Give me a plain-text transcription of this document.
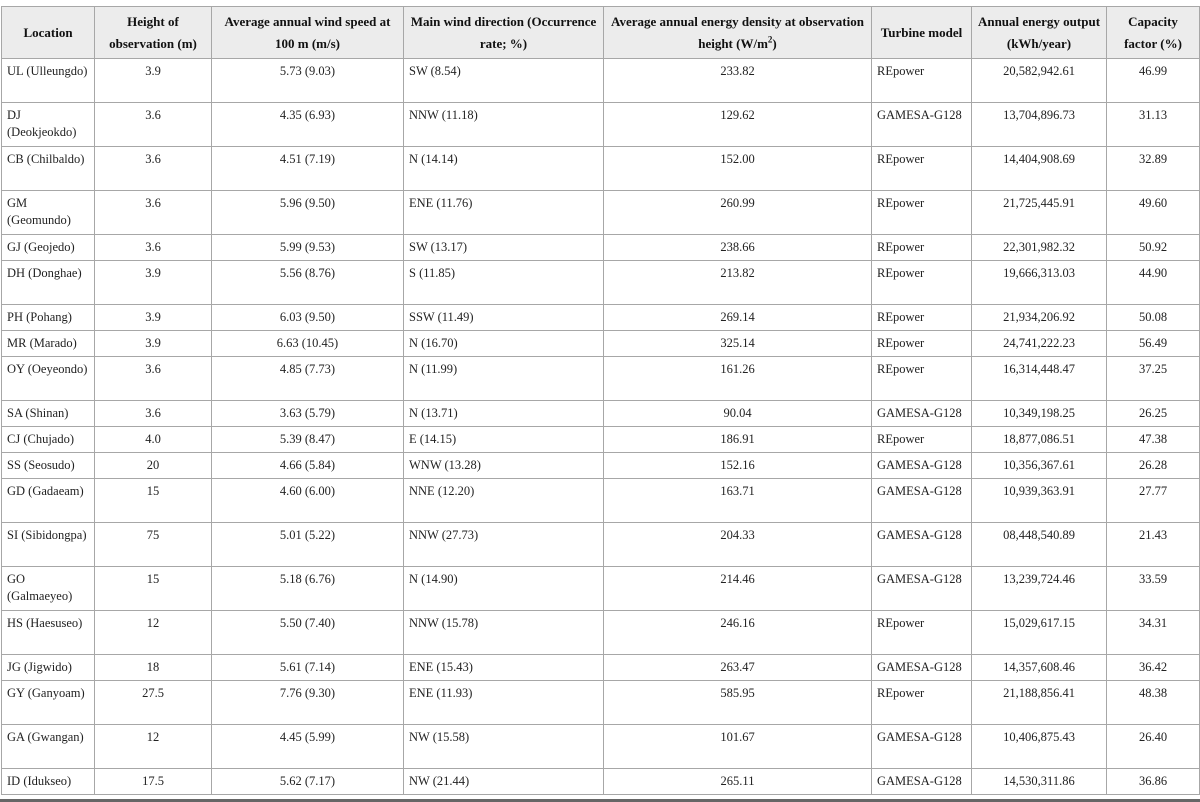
Location	Height of observation (m)	Average annual wind speed at 100 m (m/s)	Main wind direction (Occurrence rate; %)	Average annual energy density at observation height $(W/m^2)$	Turbine model	Annual energy output (kWh/year)	Capacity factor (%)
UL (Ulleungdo)	3.9	5.73 (9.03)	SW (8.54)	233.82	REpower	20,582,942.61	46.99
DJ (Deokjeokdo)	3.6	4.35 (6.93)	NNW (11.18)	129.62	GAMESA-G128	13,704,896.73	31.13
CB (Chilbaldo)	3.6	4.51 (7.19)	N (14.14)	152.00	REpower	14,404,908.69	32.89
GM (Geomundo)	3.6	5.96 (9.50)	ENE (11.76)	260.99	REpower	21,725,445.91	49.60
GJ (Geojedo)	3.6	5.99 (9.53)	SW (13.17)	238.66	REpower	22,301,982.32	50.92
DH (Donghae)	3.9	5.56 (8.76)	S (11.85)	213.82	REpower	19,666,313.03	44.90
PH (Pohang)	3.9	6.03 (9.50)	SSW (11.49)	269.14	REpower	21,934,206.92	50.08
MR (Marado)	3.9	6.63 (10.45)	N (16.70)	325.14	REpower	24,741,222.23	56.49
OY (Oeyeondo)	3.6	4.85 (7.73)	N (11.99)	161.26	REpower	16,314,448.47	37.25
SA (Shinan)	3.6	3.63 (5.79)	N (13.71)	90.04	GAMESA-G128	10,349,198.25	26.25
CJ (Chujado)	4.0	5.39 (8.47)	E (14.15)	186.91	REpower	18,877,086.51	47.38
SS (Seosudo)	20	4.66 (5.84)	WNW (13.28)	152.16	GAMESA-G128	10,356,367.61	26.28
GD (Gadaeam)	15	4.60 (6.00)	NNE (12.20)	163.71	GAMESA-G128	10,939,363.91	27.77
SI (Sibidongpa)	75	5.01 (5.22)	NNW (27.73)	204.33	GAMESA-G128	08,448,540.89	21.43
GO (Galmaeyeo)	15	5.18 (6.76)	N (14.90)	214.46	GAMESA-G128	13,239,724.46	33.59
HS (Haesuseo)	12	5.50 (7.40)	NNW (15.78)	246.16	REpower	15,029,617.15	34.31
JG (Jigwido)	18	5.61 (7.14)	ENE (15.43)	263.47	GAMESA-G128	14,357,608.46	36.42
GY (Ganyoam)	27.5	7.76 (9.30)	ENE (11.93)	585.95	REpower	21,188,856.41	48.38
GA (Gwangan)	12	4.45 (5.99)	NW (15.58)	101.67	GAMESA-G128	10,406,875.43	26.40
ID (Idukseo)	17.5	5.62 (7.17)	NW (21.44)	265.11	GAMESA-G128	14,530,311.86	36.86
